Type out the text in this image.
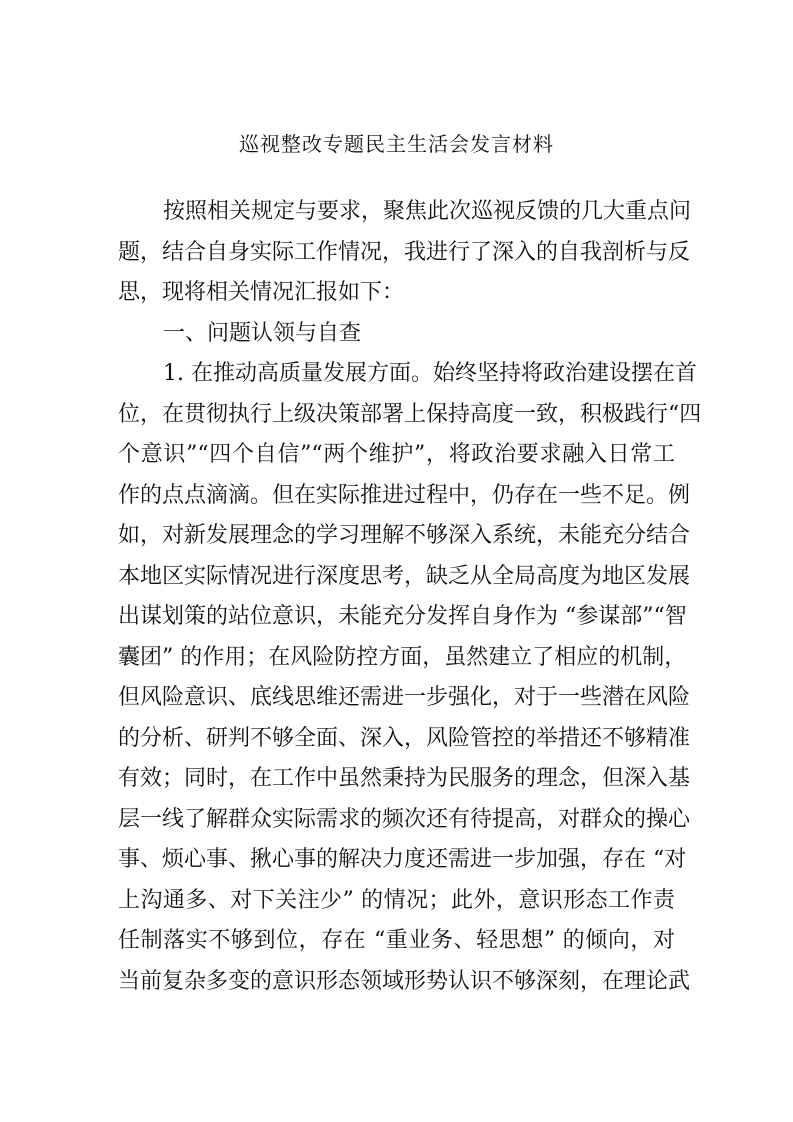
巡视整改专题民主生活会发言材料
按照相关规定与要求，聚焦此次巡视反馈的几大重点问
题，结合自身实际工作情况，我进行了深入的自我剖析与反
思，现将相关情况汇报如下：
一、问题认领与自查
1. 在推动高质量发展方面。始终坚持将政治建设摆在首
位，在贯彻执行上级决策部署上保持高度一致，积极践行“四
个意识”“四个自信”“两个维护”，将政治要求融入日常工
作的点点滴滴。但在实际推进过程中，仍存在一些不足。例
如，对新发展理念的学习理解不够深入系统，未能充分结合
本地区实际情况进行深度思考，缺乏从全局高度为地区发展
出谋划策的站位意识，未能充分发挥自身作为 “参谋部”“智
囊团” 的作用；在风险防控方面，虽然建立了相应的机制，
但风险意识、底线思维还需进一步强化，对于一些潜在风险
的分析、研判不够全面、深入，风险管控的举措还不够精准
有效；同时，在工作中虽然秉持为民服务的理念，但深入基
层一线了解群众实际需求的频次还有待提高，对群众的操心
事、烦心事、揪心事的解决力度还需进一步加强，存在 “对
上沟通多、对下关注少” 的情况；此外，意识形态工作责
任制落实不够到位，存在 “重业务、轻思想” 的倾向，对
当前复杂多变的意识形态领域形势认识不够深刻，在理论武
